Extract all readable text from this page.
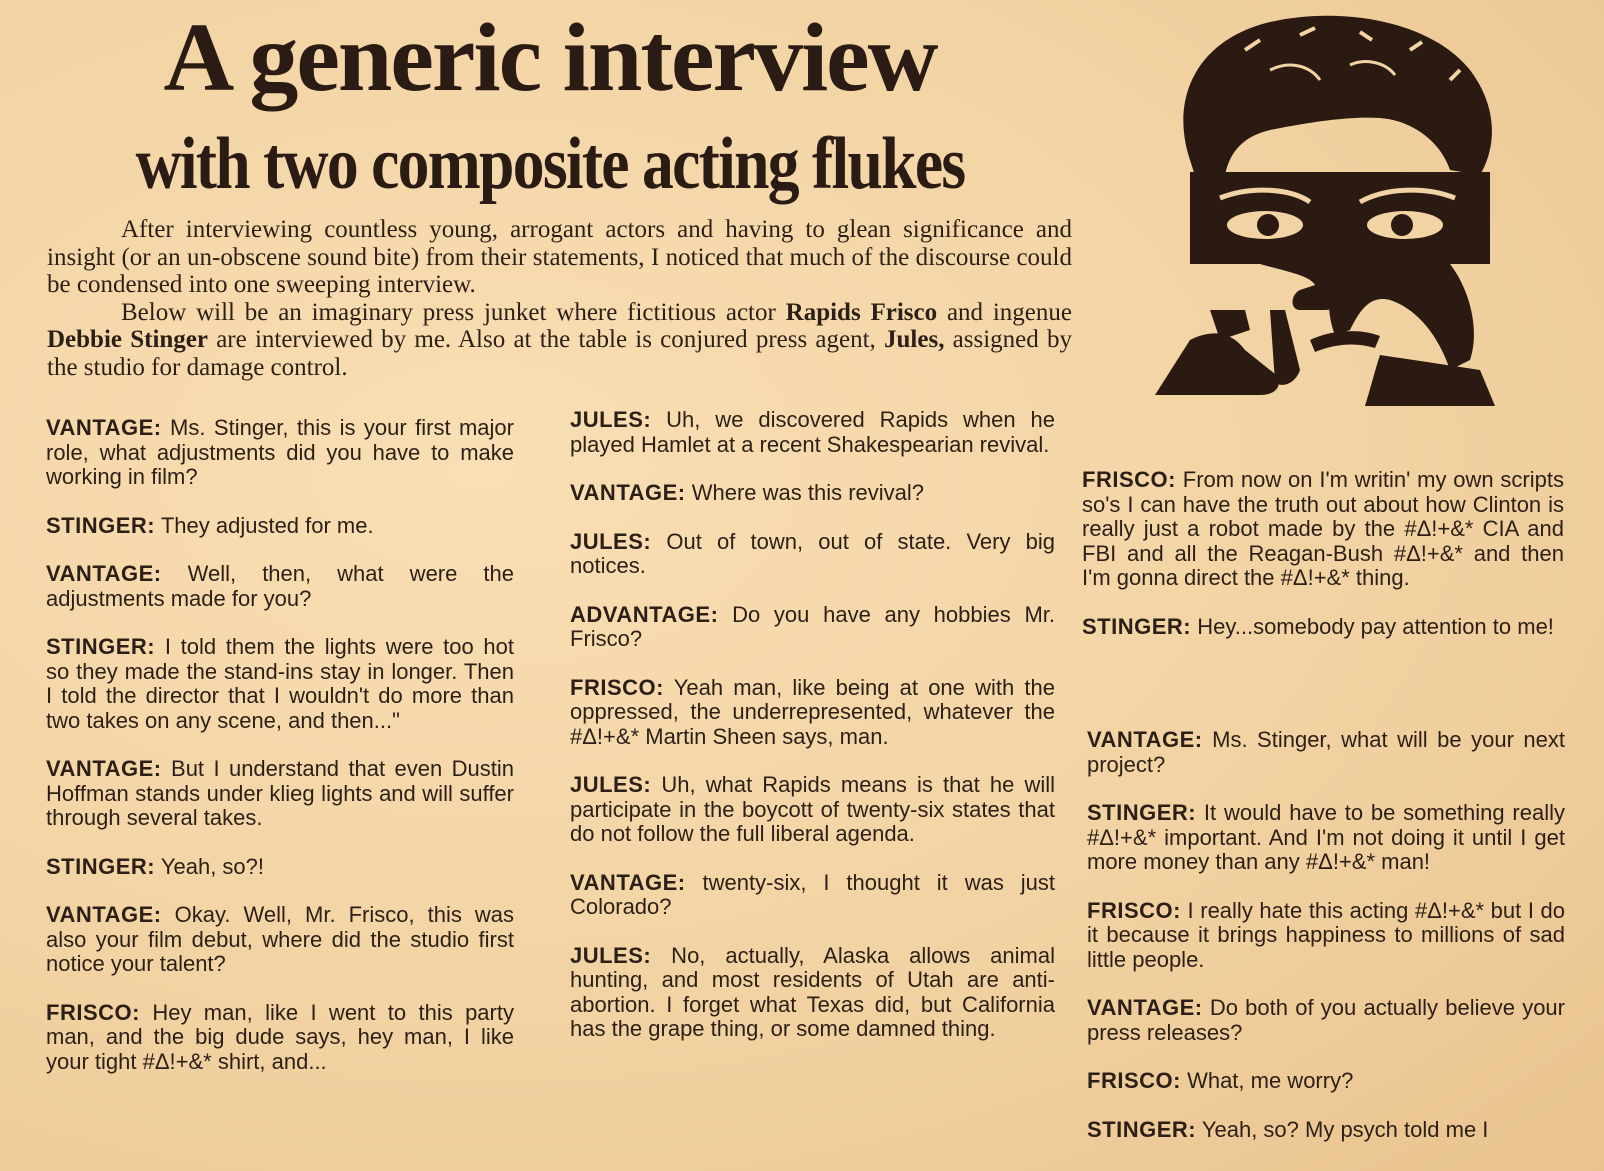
A generic interview
with two composite acting flukes

After interviewing countless young, arrogant actors and having to glean significance and insight (or an un-obscene sound bite) from their statements, I noticed that much of the discourse could be condensed into one sweeping interview.

Below will be an imaginary press junket where fictitious actor Rapids Frisco and ingenue Debbie Stinger are interviewed by me. Also at the table is conjured press agent, Jules, assigned by the studio for damage control.

VANTAGE: Ms. Stinger, this is your first major role, what adjustments did you have to make working in film?

STINGER: They adjusted for me.

VANTAGE: Well, then, what were the adjustments made for you?

STINGER: I told them the lights were too hot so they made the stand-ins stay in longer. Then I told the director that I wouldn't do more than two takes on any scene, and then..."

VANTAGE: But I understand that even Dustin Hoffman stands under klieg lights and will suffer through several takes.

STINGER: Yeah, so?!

VANTAGE: Okay. Well, Mr. Frisco, this was also your film debut, where did the studio first notice your talent?

FRISCO: Hey man, like I went to this party man, and the big dude says, hey man, I like your tight #Δ!+&* shirt, and...

JULES: Uh, we discovered Rapids when he played Hamlet at a recent Shakespearian revival.

VANTAGE: Where was this revival?

JULES: Out of town, out of state. Very big notices.

ADVANTAGE: Do you have any hobbies Mr. Frisco?

FRISCO: Yeah man, like being at one with the oppressed, the underrepresented, whatever the #Δ!+&* Martin Sheen says, man.

JULES: Uh, what Rapids means is that he will participate in the boycott of twenty-six states that do not follow the full liberal agenda.

VANTAGE: twenty-six, I thought it was just Colorado?

JULES: No, actually, Alaska allows animal hunting, and most residents of Utah are anti-abortion. I forget what Texas did, but California has the grape thing, or some damned thing.

FRISCO: From now on I'm writin' my own scripts so's I can have the truth out about how Clinton is really just a robot made by the #Δ!+&* CIA and FBI and all the Reagan-Bush #Δ!+&* and then I'm gonna direct the #Δ!+&* thing.

STINGER: Hey...somebody pay attention to me!

VANTAGE: Ms. Stinger, what will be your next project?

STINGER: It would have to be something really #Δ!+&* important. And I'm not doing it until I get more money than any #Δ!+&* man!

FRISCO: I really hate this acting #Δ!+&* but I do it because it brings happiness to millions of sad little people.

VANTAGE: Do both of you actually believe your press releases?

FRISCO: What, me worry?

STINGER: Yeah, so? My psych told me I
